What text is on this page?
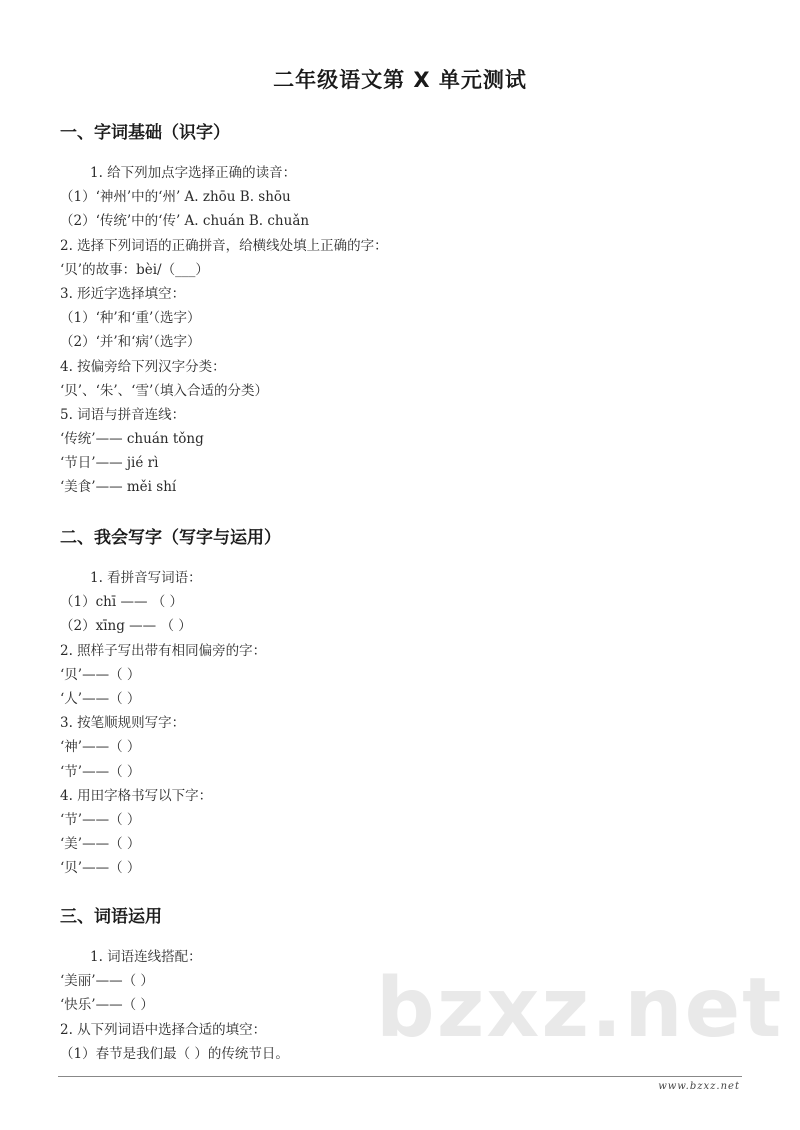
二年级语文第 X 单元测试
一、字词基础（识字）
1. 给下列加点字选择正确的读音：
（1）‘神州’中的‘州’ A. zhōu B. shōu
（2）‘传统’中的‘传’ A. chuán B. chuǎn
2. 选择下列词语的正确拼音，给横线处填上正确的字：
‘贝’的故事：bèi/（___）
3. 形近字选择填空：
（1）‘种’和‘重’（选字）
（2）‘并’和‘病’（选字）
4. 按偏旁给下列汉字分类：
‘贝’、‘朱’、‘雪’（填入合适的分类）
5. 词语与拼音连线：
‘传统’—— chuán tǒng
‘节日’—— jié rì
‘美食’—— měi shí
二、我会写字（写字与运用）
1. 看拼音写词语：
（1）chī —— （ ）
（2）xīng —— （ ）
2. 照样子写出带有相同偏旁的字：
‘贝’——（ ）
‘人’——（ ）
3. 按笔顺规则写字：
‘神’——（ ）
‘节’——（ ）
4. 用田字格书写以下字：
‘节’——（ ）
‘美’——（ ）
‘贝’——（ ）
三、词语运用
1. 词语连线搭配：
‘美丽’——（ ）
‘快乐’——（ ）
2. 从下列词语中选择合适的填空：
（1）春节是我们最（ ）的传统节日。 bzxz.net
www.bzxz.net
